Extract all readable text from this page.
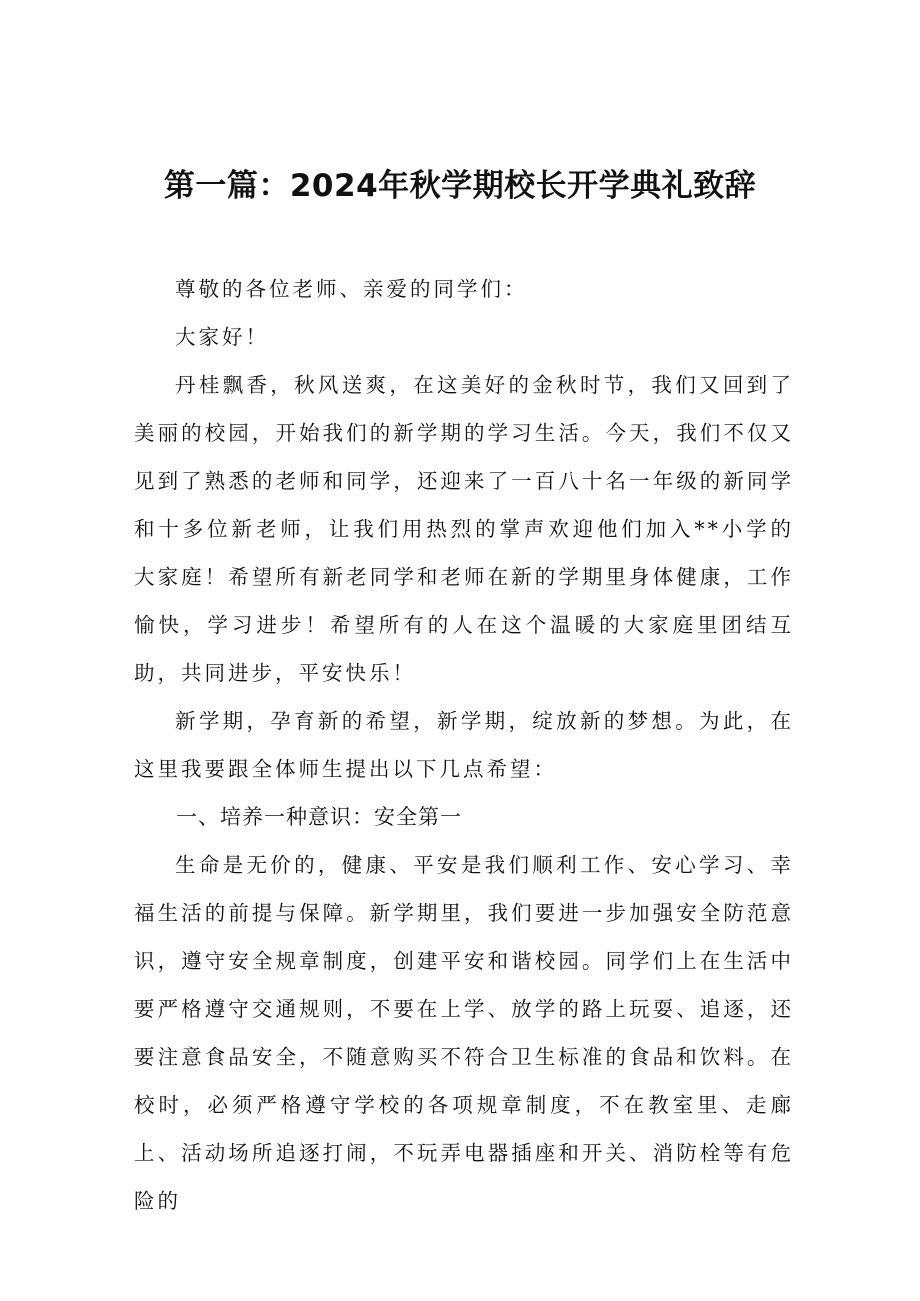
第一篇：2024年秋学期校长开学典礼致辞

尊敬的各位老师、亲爱的同学们：

大家好！

丹桂飘香，秋风送爽，在这美好的金秋时节，我们又回到了美丽的校园，开始我们的新学期的学习生活。今天，我们不仅又见到了熟悉的老师和同学，还迎来了一百八十名一年级的新同学和十多位新老师，让我们用热烈的掌声欢迎他们加入**小学的大家庭！希望所有新老同学和老师在新的学期里身体健康，工作愉快，学习进步！希望所有的人在这个温暖的大家庭里团结互助，共同进步，平安快乐！

新学期，孕育新的希望，新学期，绽放新的梦想。为此，在这里我要跟全体师生提出以下几点希望：

一、培养一种意识：安全第一

生命是无价的，健康、平安是我们顺利工作、安心学习、幸福生活的前提与保障。新学期里，我们要进一步加强安全防范意识，遵守安全规章制度，创建平安和谐校园。同学们上在生活中要严格遵守交通规则，不要在上学、放学的路上玩耍、追逐，还要注意食品安全，不随意购买不符合卫生标准的食品和饮料。在校时，必须严格遵守学校的各项规章制度，不在教室里、走廊上、活动场所追逐打闹，不玩弄电器插座和开关、消防栓等有危险的
